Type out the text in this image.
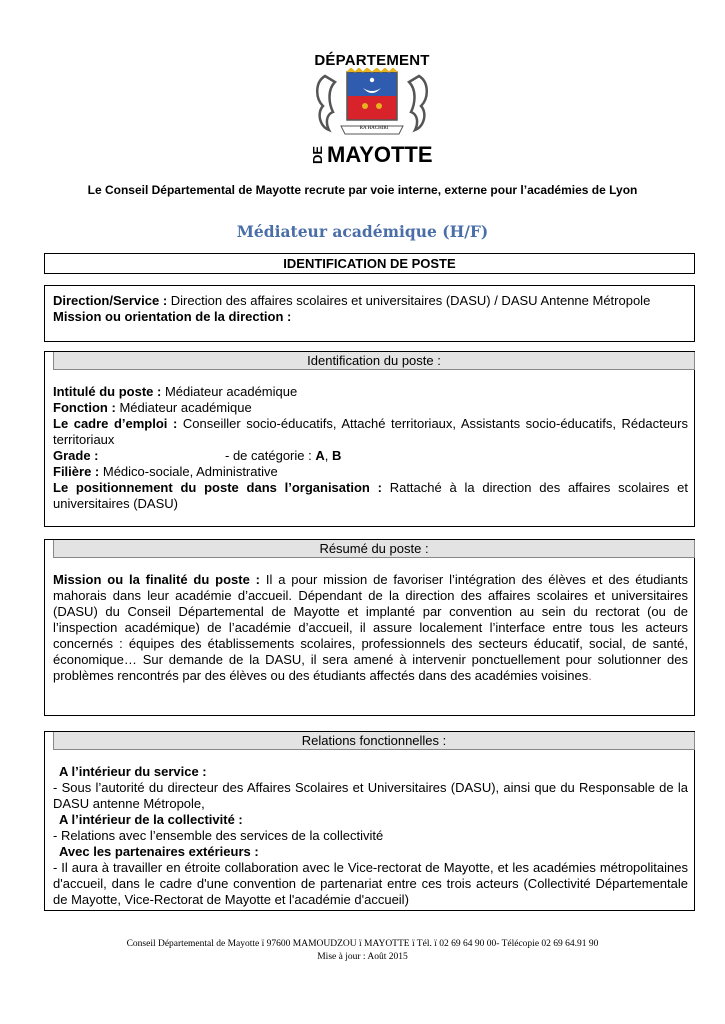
DÉPARTEMENT
RA HACHIRI
DE MAYOTTE
Le Conseil Départemental de Mayotte recrute par voie interne, externe pour l’académies de Lyon
Médiateur académique (H/F)
IDENTIFICATION DE POSTE
Direction/Service : Direction des affaires scolaires et universitaires (DASU) / DASU Antenne Métropole
Mission ou orientation de la direction :
Identification du poste :
Intitulé du poste : Médiateur académique
Fonction : Médiateur académique
Le cadre d’emploi : Conseiller socio-éducatifs, Attaché territoriaux, Assistants socio-éducatifs, Rédacteurs territoriaux
Grade :	- de catégorie : A, B
Filière : Médico-sociale, Administrative
Le positionnement du poste dans l’organisation : Rattaché à la direction des affaires scolaires et universitaires (DASU)
Résumé du poste :
Mission ou la finalité du poste : Il a pour mission de favoriser l’intégration des élèves et des étudiants mahorais dans leur académie d’accueil. Dépendant de la direction des affaires scolaires et universitaires (DASU) du Conseil Départemental de Mayotte et implanté par convention au sein du rectorat (ou de l’inspection académique) de l’académie d’accueil, il assure localement l’interface entre tous les acteurs concernés : équipes des établissements scolaires, professionnels des secteurs éducatif, social, de santé, économique… Sur demande de la DASU, il sera amené à intervenir ponctuellement pour solutionner des problèmes rencontrés par des élèves ou des étudiants affectés dans des académies voisines.
Relations fonctionnelles :
A l’intérieur du service :
- Sous l’autorité du directeur des Affaires Scolaires et Universitaires (DASU), ainsi que du Responsable de la DASU antenne Métropole,
A l’intérieur de la collectivité :
- Relations avec l’ensemble des services de la collectivité
Avec les partenaires extérieurs :
- Il aura à travailler en étroite collaboration avec le Vice-rectorat de Mayotte, et les académies métropolitaines d'accueil, dans le cadre d'une convention de partenariat entre ces trois acteurs (Collectivité Départementale de Mayotte, Vice-Rectorat de Mayotte et l'académie d'accueil)
Conseil Départemental de Mayotte ï 97600 MAMOUDZOU ï MAYOTTE ï Tél. ï 02 69 64 90 00- Télécopie 02 69 64.91 90
Mise à jour : Août 2015
